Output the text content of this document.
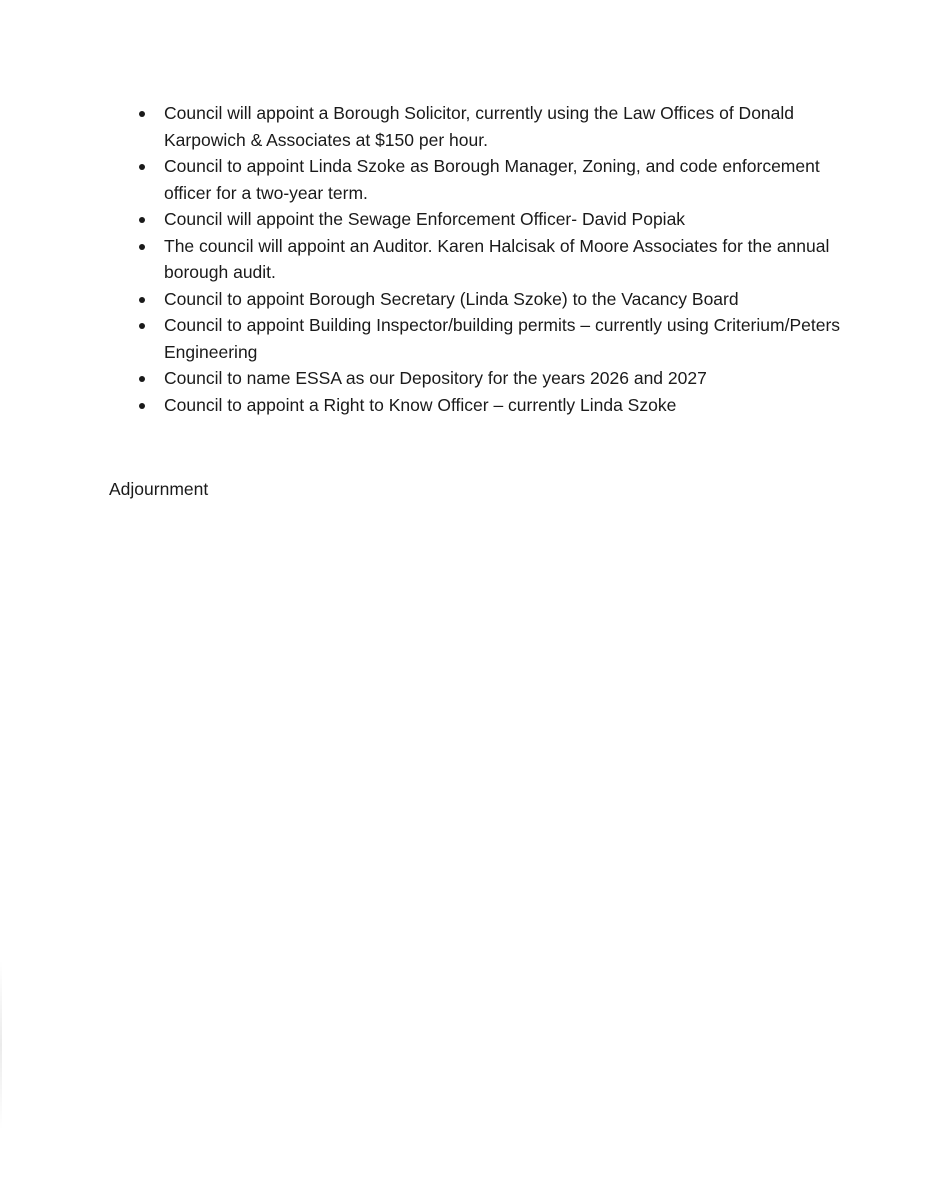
Council will appoint a Borough Solicitor, currently using the Law Offices of Donald Karpowich & Associates at $150 per hour.
Council to appoint Linda Szoke as Borough Manager, Zoning, and code enforcement officer for a two-year term.
Council will appoint the Sewage Enforcement Officer- David Popiak
The council will appoint an Auditor. Karen Halcisak of Moore Associates for the annual borough audit.
Council to appoint Borough Secretary (Linda Szoke) to the Vacancy Board
Council to appoint Building Inspector/building permits – currently using Criterium/Peters Engineering
Council to name ESSA as our Depository for the years 2026 and 2027
Council to appoint a Right to Know Officer – currently Linda Szoke

Adjournment
